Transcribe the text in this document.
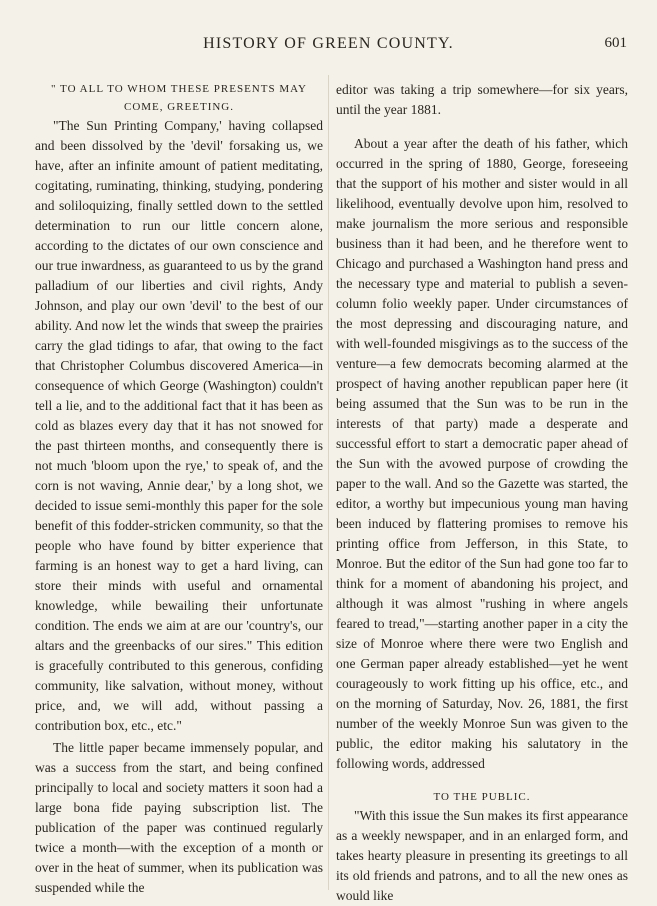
HISTORY OF GREEN COUNTY.	601

" TO ALL TO WHOM THESE PRESENTS MAY COME, GREETING.

"The Sun Printing Company,' having collapsed and been dissolved by the 'devil' forsaking us, we have, after an infinite amount of patient meditating, cogitating, ruminating, thinking, studying, pondering and soliloquizing, finally settled down to the settled determination to run our little concern alone, according to the dictates of our own conscience and our true inwardness, as guaranteed to us by the grand palladium of our liberties and civil rights, Andy Johnson, and play our own 'devil' to the best of our ability. And now let the winds that sweep the prairies carry the glad tidings to afar, that owing to the fact that Christopher Columbus discovered America—in consequence of which George (Washington) couldn't tell a lie, and to the additional fact that it has been as cold as blazes every day that it has not snowed for the past thirteen months, and consequently there is not much 'bloom upon the rye,' to speak of, and the corn is not waving, Annie dear,' by a long shot, we decided to issue semi-monthly this paper for the sole benefit of this fodder-stricken community, so that the people who have found by bitter experience that farming is an honest way to get a hard living, can store their minds with useful and ornamental knowledge, while bewailing their unfortunate condition. The ends we aim at are our 'country's, our altars and the greenbacks of our sires." This edition is gracefully contributed to this generous, confiding community, like salvation, without money, without price, and, we will add, without passing a contribution box, etc., etc."

The little paper became immensely popular, and was a success from the start, and being confined principally to local and society matters it soon had a large bona fide paying subscription list. The publication of the paper was continued regularly twice a month—with the exception of a month or over in the heat of summer, when its publication was suspended while the

editor was taking a trip somewhere—for six years, until the year 1881.

About a year after the death of his father, which occurred in the spring of 1880, George, foreseeing that the support of his mother and sister would in all likelihood, eventually devolve upon him, resolved to make journalism the more serious and responsible business than it had been, and he therefore went to Chicago and purchased a Washington hand press and the necessary type and material to publish a seven-column folio weekly paper. Under circumstances of the most depressing and discouraging nature, and with well-founded misgivings as to the success of the venture—a few democrats becoming alarmed at the prospect of having another republican paper here (it being assumed that the Sun was to be run in the interests of that party) made a desperate and successful effort to start a democratic paper ahead of the Sun with the avowed purpose of crowding the paper to the wall. And so the Gazette was started, the editor, a worthy but impecunious young man having been induced by flattering promises to remove his printing office from Jefferson, in this State, to Monroe. But the editor of the Sun had gone too far to think for a moment of abandoning his project, and although it was almost "rushing in where angels feared to tread,"—starting another paper in a city the size of Monroe where there were two English and one German paper already established—yet he went courageously to work fitting up his office, etc., and on the morning of Saturday, Nov. 26, 1881, the first number of the weekly Monroe Sun was given to the public, the editor making his salutatory in the following words, addressed

TO THE PUBLIC.

"With this issue the Sun makes its first appearance as a weekly newspaper, and in an enlarged form, and takes hearty pleasure in presenting its greetings to all its old friends and patrons, and to all the new ones as would like
